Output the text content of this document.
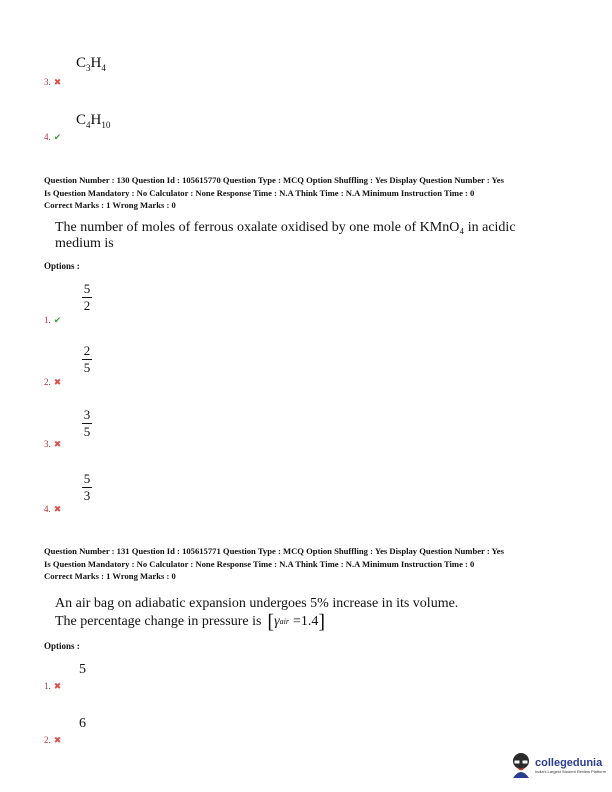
$C_3H_4$
3. ✖
$C_4H_{10}$
4. ✔
Question Number : 130 Question Id : 105615770 Question Type : MCQ Option Shuffling : Yes Display Question Number : Yes
Is Question Mandatory : No Calculator : None Response Time : N.A Think Time : N.A Minimum Instruction Time : 0
Correct Marks : 1 Wrong Marks : 0
The number of moles of ferrous oxalate oxidised by one mole of KMnO₄ in acidic
medium is
Options :
5
2
1. ✔
2
5
2. ✖
3
5
3. ✖
5
3
4. ✖
Question Number : 131 Question Id : 105615771 Question Type : MCQ Option Shuffling : Yes Display Question Number : Yes
Is Question Mandatory : No Calculator : None Response Time : N.A Think Time : N.A Minimum Instruction Time : 0
Correct Marks : 1 Wrong Marks : 0
An air bag on adiabatic expansion undergoes 5% increase in its volume.
The percentage change in pressure is [ γ air =1.4 ]
Options :
5
1. ✖
6
2. ✖
collegedunia
India's Largest Student Review Platform
